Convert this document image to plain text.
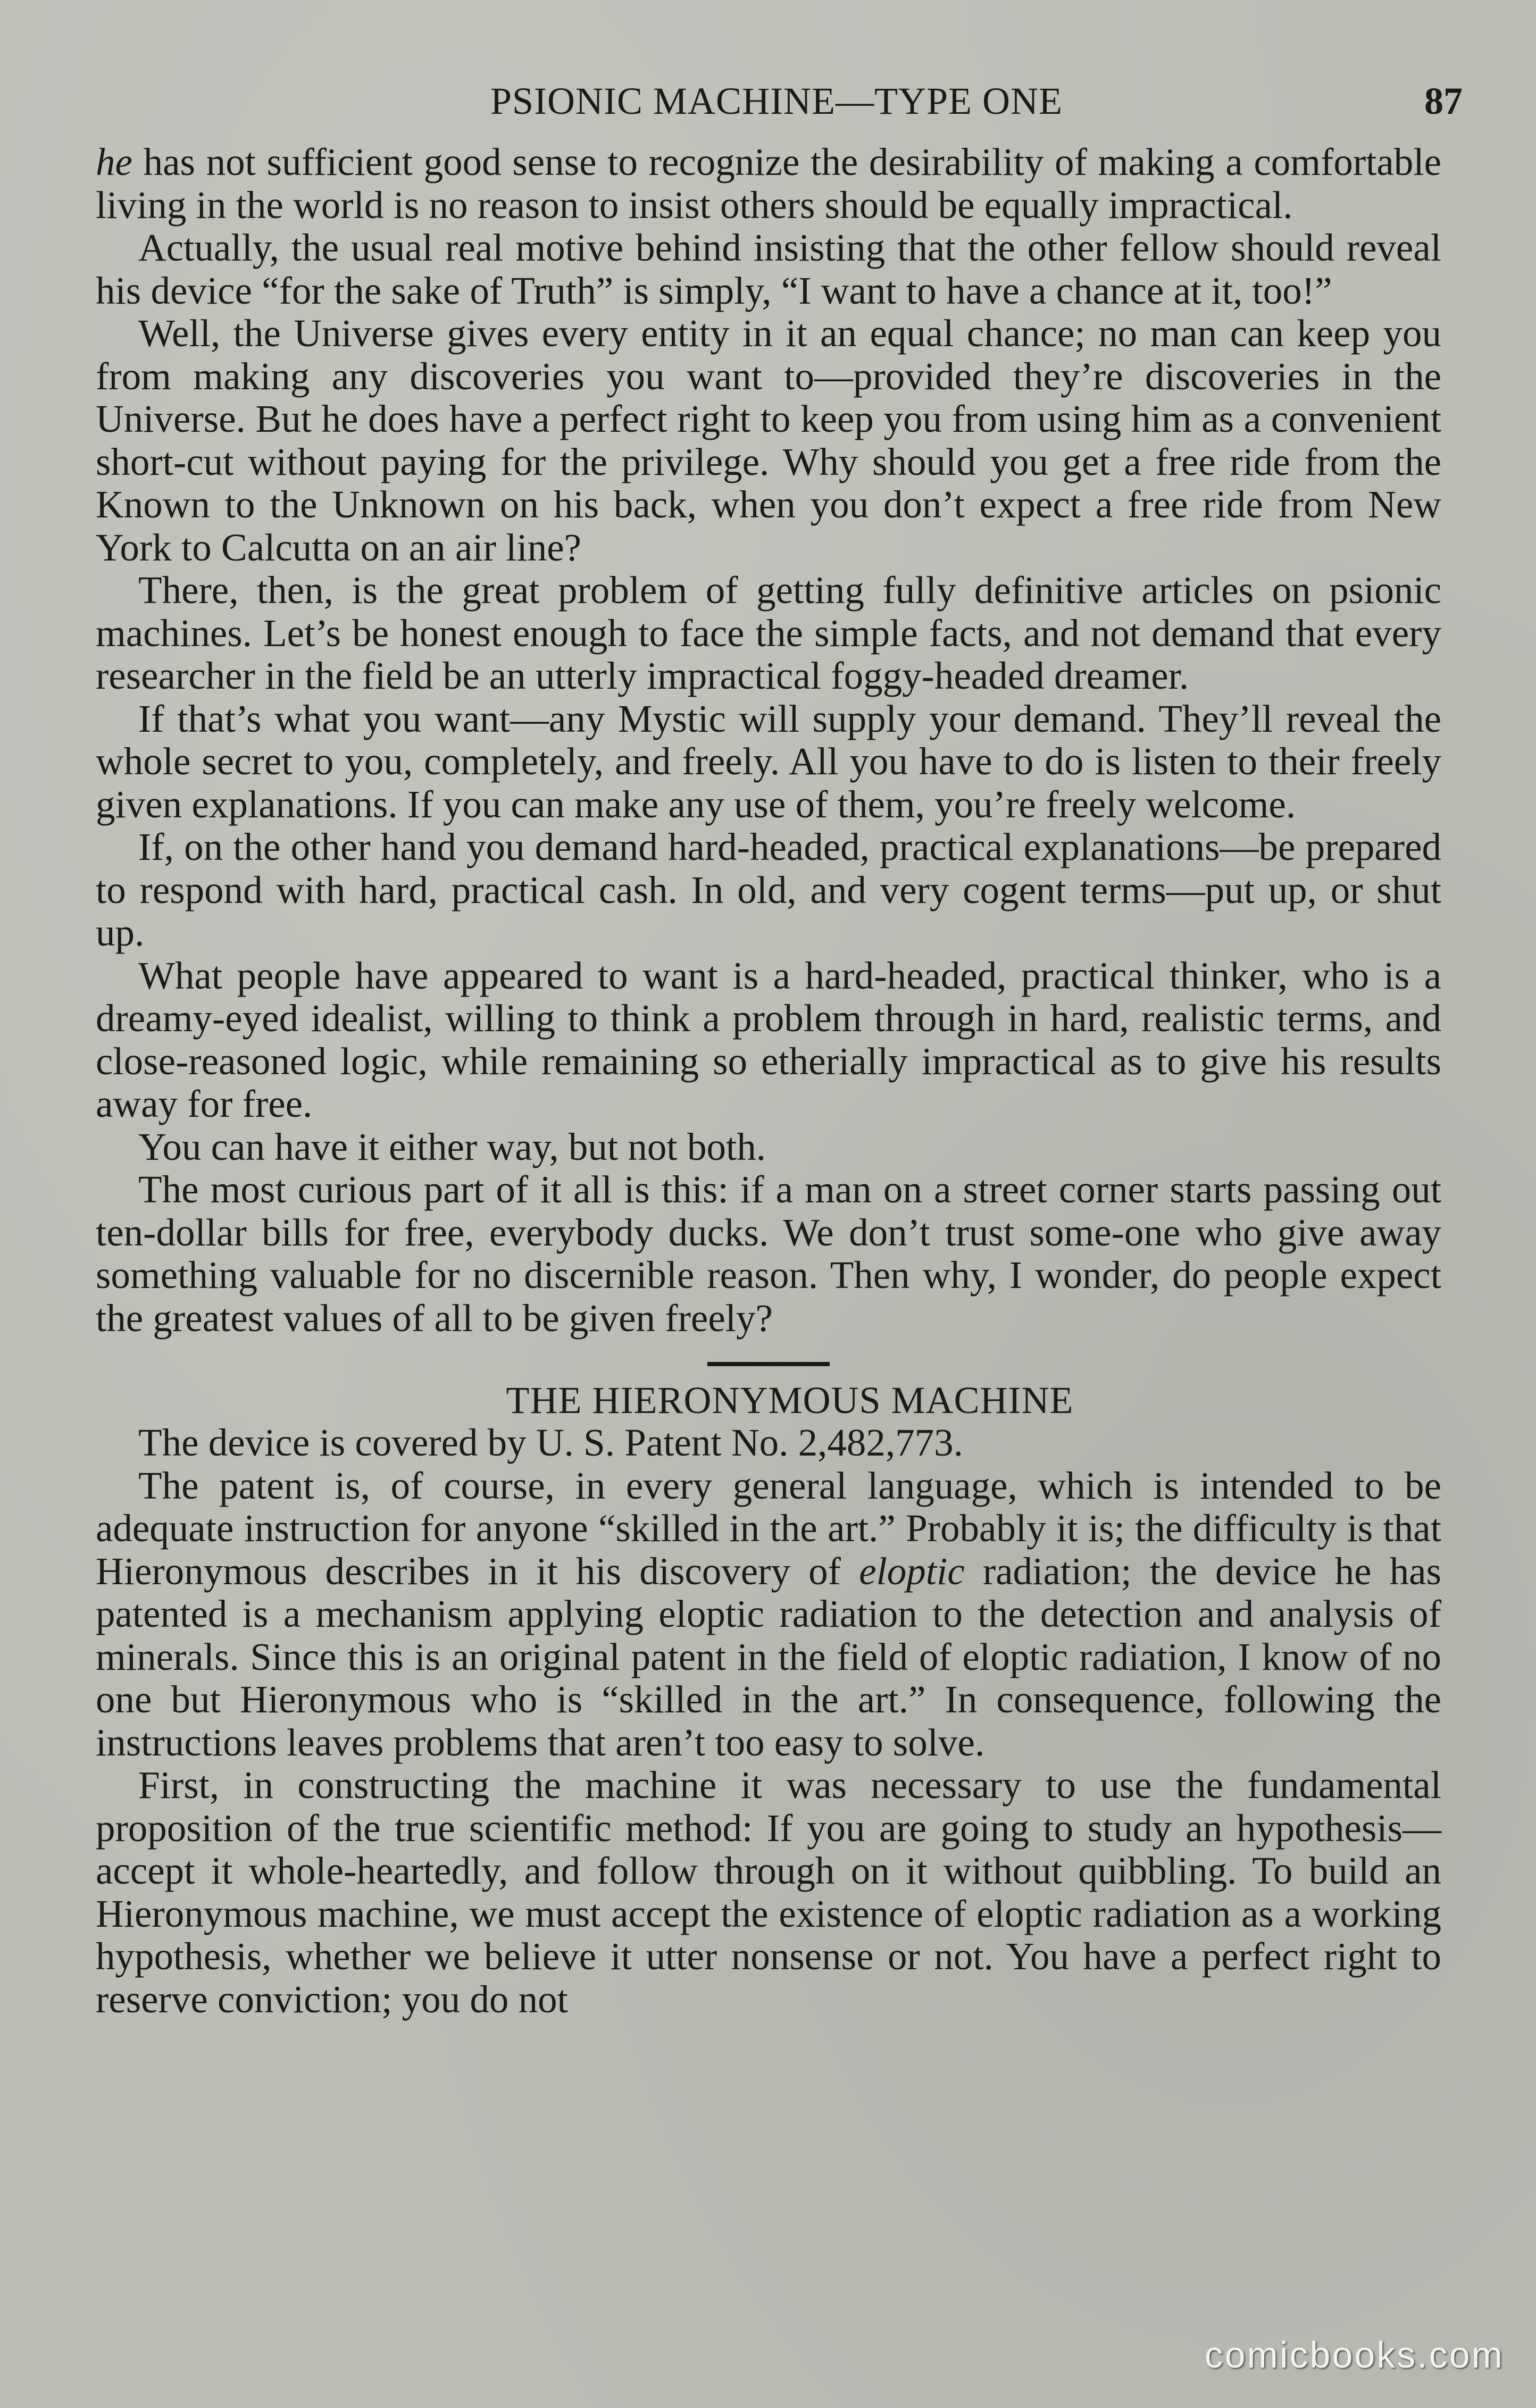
PSIONIC MACHINE—TYPE ONE	87

he has not sufficient good sense to recognize the desirability of making a comfortable living in the world is no reason to insist others should be equally impractical.

Actually, the usual real motive behind insisting that the other fellow should reveal his device “for the sake of Truth” is simply, “I want to have a chance at it, too!”

Well, the Universe gives every entity in it an equal chance; no man can keep you from making any discoveries you want to—provided they’re discoveries in the Universe. But he does have a perfect right to keep you from using him as a convenient short-cut without paying for the privilege. Why should you get a free ride from the Known to the Unknown on his back, when you don’t expect a free ride from New York to Calcutta on an air line?

There, then, is the great problem of getting fully definitive articles on psionic machines. Let’s be honest enough to face the simple facts, and not demand that every researcher in the field be an utterly impractical foggy-headed dreamer.

If that’s what you want—any Mystic will supply your demand. They’ll reveal the whole secret to you, completely, and freely. All you have to do is listen to their freely given explanations. If you can make any use of them, you’re freely welcome.

If, on the other hand you demand hard-headed, practical explanations—be prepared to respond with hard, practical cash. In old, and very cogent terms—put up, or shut up.

What people have appeared to want is a hard-headed, practical thinker, who is a dreamy-eyed idealist, willing to think a problem through in hard, realistic terms, and close-reasoned logic, while remaining so etherially impractical as to give his results away for free.

You can have it either way, but not both.

The most curious part of it all is this: if a man on a street corner starts passing out ten-dollar bills for free, everybody ducks. We don’t trust some-one who give away something valuable for no discernible reason. Then why, I wonder, do people expect the greatest values of all to be given freely?

THE HIERONYMOUS MACHINE

The device is covered by U. S. Patent No. 2,482,773.

The patent is, of course, in every general language, which is intended to be adequate instruction for anyone “skilled in the art.” Probably it is; the difficulty is that Hieronymous describes in it his discovery of eloptic radiation; the device he has patented is a mechanism applying eloptic radiation to the detection and analysis of minerals. Since this is an original patent in the field of eloptic radiation, I know of no one but Hieronymous who is “skilled in the art.” In consequence, following the instructions leaves problems that aren’t too easy to solve.

First, in constructing the machine it was necessary to use the fundamental proposition of the true scientific method: If you are going to study an hypothesis—accept it whole-heartedly, and follow through on it without quibbling. To build an Hieronymous machine, we must accept the existence of eloptic radiation as a working hypothesis, whether we believe it utter nonsense or not. You have a perfect right to reserve conviction; you do not

comicbooks.com
